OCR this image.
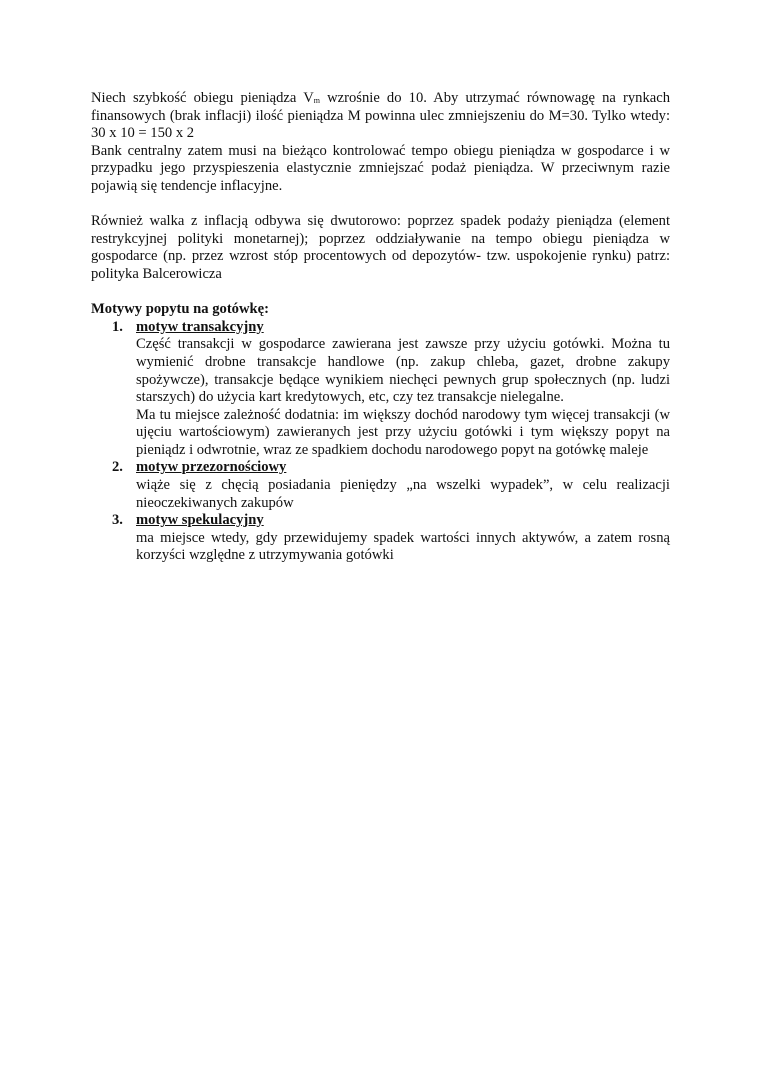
Niech szybkość obiegu pieniądza $V_m$ wzrośnie do 10. Aby utrzymać równowagę na rynkach finansowych (brak inflacji) ilość pieniądza M powinna ulec zmniejszeniu do M=30. Tylko wtedy: 30 x 10 = 150 x 2

Bank centralny zatem musi na bieżąco kontrolować tempo obiegu pieniądza w gospodarce i w przypadku jego przyspieszenia elastycznie zmniejszać podaż pieniądza. W przeciwnym razie pojawią się tendencje inflacyjne.

Również walka z inflacją odbywa się dwutorowo: poprzez spadek podaży pieniądza (element restrykcyjnej polityki monetarnej); poprzez oddziaływanie na tempo obiegu pieniądza w gospodarce (np. przez wzrost stóp procentowych od depozytów- tzw. uspokojenie rynku) patrz: polityka Balcerowicza

Motywy popytu na gotówkę:

1. motyw transakcyjny
Część transakcji w gospodarce zawierana jest zawsze przy użyciu gotówki. Można tu wymienić drobne transakcje handlowe (np. zakup chleba, gazet, drobne zakupy spożywcze), transakcje będące wynikiem niechęci pewnych grup społecznych (np. ludzi starszych) do użycia kart kredytowych, etc, czy tez transakcje nielegalne.
Ma tu miejsce zależność dodatnia: im większy dochód narodowy tym więcej transakcji (w ujęciu wartościowym) zawieranych jest przy użyciu gotówki i tym większy popyt na pieniądz i odwrotnie, wraz ze spadkiem dochodu narodowego popyt na gotówkę maleje
2. motyw przezornościowy
wiąże się z chęcią posiadania pieniędzy „na wszelki wypadek”, w celu realizacji nieoczekiwanych zakupów
3. motyw spekulacyjny
ma miejsce wtedy, gdy przewidujemy spadek wartości innych aktywów, a zatem rosną korzyści względne z utrzymywania gotówki
